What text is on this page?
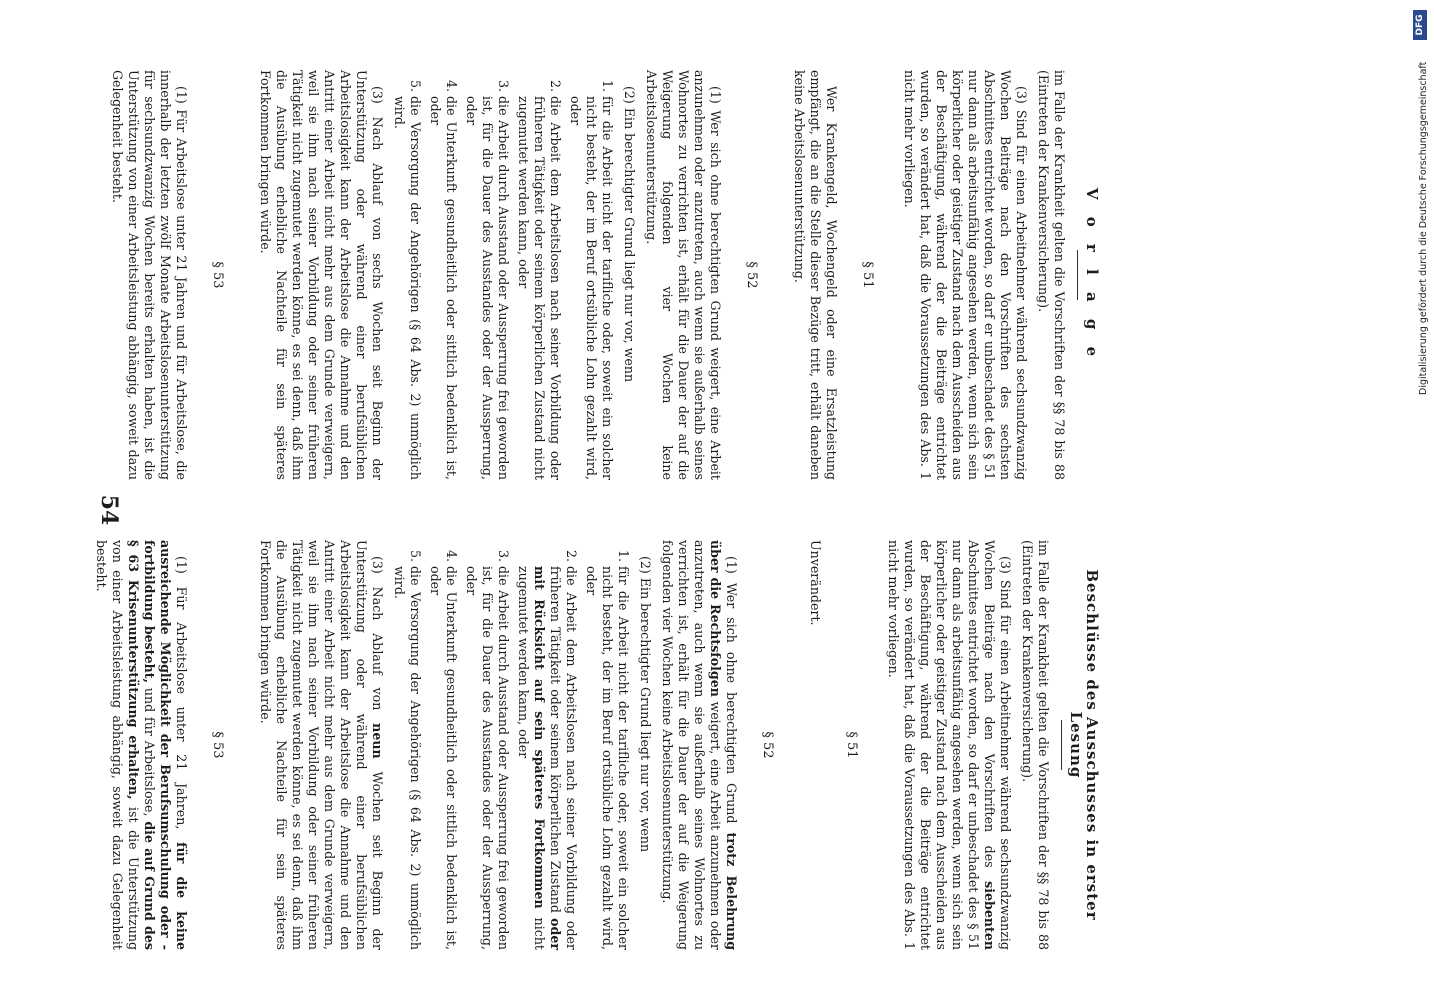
54
V o r l a g e

im Falle der Krankheit gelten die Vorschriften der §§ 78 bis 88 (Eintreten der Krankenversicherung).

(3) Sind für einen Arbeitnehmer während sechsundzwanzig Wochen Beiträge nach den Vorschriften des sechsten Abschnittes entrichtet worden, so darf er unbeschadet des § 51 nur dann als arbeitsunfähig angesehen werden, wenn sich sein körperlicher oder geistiger Zustand nach dem Ausscheiden aus der Beschäftigung, während der die Beiträge entrichtet wurden, so verändert hat, daß die Voraussetzungen des Abs. 1 nicht mehr vorliegen.

§ 51

Wer Krankengeld, Wochengeld oder eine Ersatzleistung empfängt, die an die Stelle dieser Bezüge tritt, erhält daneben keine Arbeitslosenunterstützung.

§ 52

(1) Wer sich ohne berechtigten Grund weigert, eine Arbeit anzunehmen oder anzutreten, auch wenn sie außerhalb seines Wohnortes zu verrichten ist, erhält für die Dauer der auf die Weigerung folgenden vier Wochen keine Arbeitslosenunterstützung.

(2) Ein berechtigter Grund liegt nur vor, wenn

1. für die Arbeit nicht der tarifliche oder, soweit ein solcher nicht besteht, der im Beruf ortsübliche Lohn gezahlt wird, oder
2. die Arbeit dem Arbeitslosen nach seiner Vorbildung oder früheren Tätigkeit oder seinem körperlichen Zustand nicht zugemutet werden kann, oder
3. die Arbeit durch Ausstand oder Aussperrung frei geworden ist, für die Dauer des Ausstandes oder der Aussperrung, oder
4. die Unterkunft gesundheitlich oder sittlich bedenklich ist, oder
5. die Versorgung der Angehörigen (§ 64 Abs. 2) unmöglich wird.

(3) Nach Ablauf von sechs Wochen seit Beginn der Unterstützung oder während einer berufsüblichen Arbeitslosigkeit kann der Arbeitslose die Annahme und den Antritt einer Arbeit nicht mehr aus dem Grunde verweigern, weil sie ihm nach seiner Vorbildung oder seiner früheren Tätigkeit nicht zugemutet werden könne, es sei denn, daß ihm die Ausübung erhebliche Nachteile für sein späteres Fortkommen bringen würde.

§ 53

(1) Für Arbeitslose unter 21 Jahren und für Arbeitslose, die innerhalb der letzten zwölf Monate Arbeitslosenunterstützung für sechsundzwanzig Wochen bereits erhalten haben, ist die Unterstützung von einer Arbeitsleistung abhängig, soweit dazu Gelegenheit besteht.

Beschlüsse des Ausschusses in erster Lesung

im Falle der Krankheit gelten die Vorschriften der §§ 78 bis 88 (Eintreten der Krankenversicherung).

(3) Sind für einen Arbeitnehmer während sechsundzwanzig Wochen Beiträge nach den Vorschriften des siebenten Abschnittes entrichtet worden, so darf er unbeschadet des § 51 nur dann als arbeitsunfähig angesehen werden, wenn sich sein körperlicher oder geistiger Zustand nach dem Ausscheiden aus der Beschäftigung, während der die Beiträge entrichtet wurden, so verändert hat, daß die Voraussetzungen des Abs. 1 nicht mehr vorliegen.

§ 51

Unverändert.

§ 52

(1) Wer sich ohne berechtigten Grund trotz Belehrung über die Rechtsfolgen weigert, eine Arbeit anzunehmen oder anzutreten, auch wenn sie außerhalb seines Wohnortes zu verrichten ist, erhält für die Dauer der auf die Weigerung folgenden vier Wochen keine Arbeitslosenunterstützung.

(2) Ein berechtigter Grund liegt nur vor, wenn

1. für die Arbeit nicht der tarifliche oder, soweit ein solcher nicht besteht, der im Beruf ortsübliche Lohn gezahlt wird, oder
2. die Arbeit dem Arbeitslosen nach seiner Vorbildung oder früheren Tätigkeit oder seinem körperlichen Zustand oder mit Rücksicht auf sein späteres Fortkommen nicht zugemutet werden kann, oder
3. die Arbeit durch Ausstand oder Aussperrung frei geworden ist, für die Dauer des Ausstandes oder der Aussperrung, oder
4. die Unterkunft gesundheitlich oder sittlich bedenklich ist, oder
5. die Versorgung der Angehörigen (§ 64 Abs. 2) unmöglich wird.

(3) Nach Ablauf von neun Wochen seit Beginn der Unterstützung oder während einer berufsüblichen Arbeitslosigkeit kann der Arbeitslose die Annahme und den Antritt einer Arbeit nicht mehr aus dem Grunde verweigern, weil sie ihm nach seiner Vorbildung oder seiner früheren Tätigkeit nicht zugemutet werden könne, es sei denn, daß ihm die Ausübung erhebliche Nachteile für sein späteres Fortkommen bringen würde.

§ 53

(1) Für Arbeitslose unter 21 Jahren, für die keine ausreichende Möglichkeit der Berufsumschulung oder -fortbildung besteht, und für Arbeitslose, die auf Grund des § 63 Krisenunterstützung erhalten, ist die Unterstützung von einer Arbeitsleistung abhängig, soweit dazu Gelegenheit besteht.

DFG
Digitalisierung gefördert durch die Deutsche Forschungsgemeinschaft
